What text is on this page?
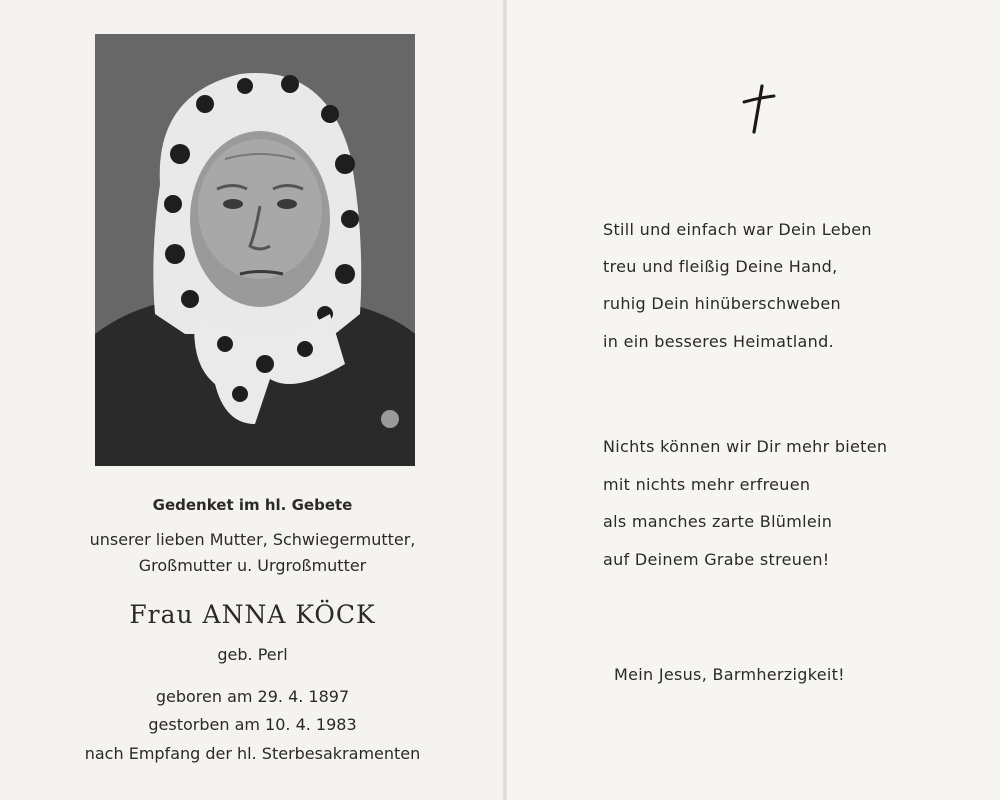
Gedenket im hl. Gebete
unserer lieben Mutter, Schwiegermutter,
Großmutter u. Urgroßmutter
Frau ANNA KÖCK
geb. Perl
geboren am 29. 4. 1897
gestorben am 10. 4. 1983
nach Empfang der hl. Sterbesakramenten
Still und einfach war Dein Leben
treu und fleißig Deine Hand,
ruhig Dein hinüberschweben
in ein besseres Heimatland.
Nichts können wir Dir mehr bieten
mit nichts mehr erfreuen
als manches zarte Blümlein
auf Deinem Grabe streuen!
Mein Jesus, Barmherzigkeit!
